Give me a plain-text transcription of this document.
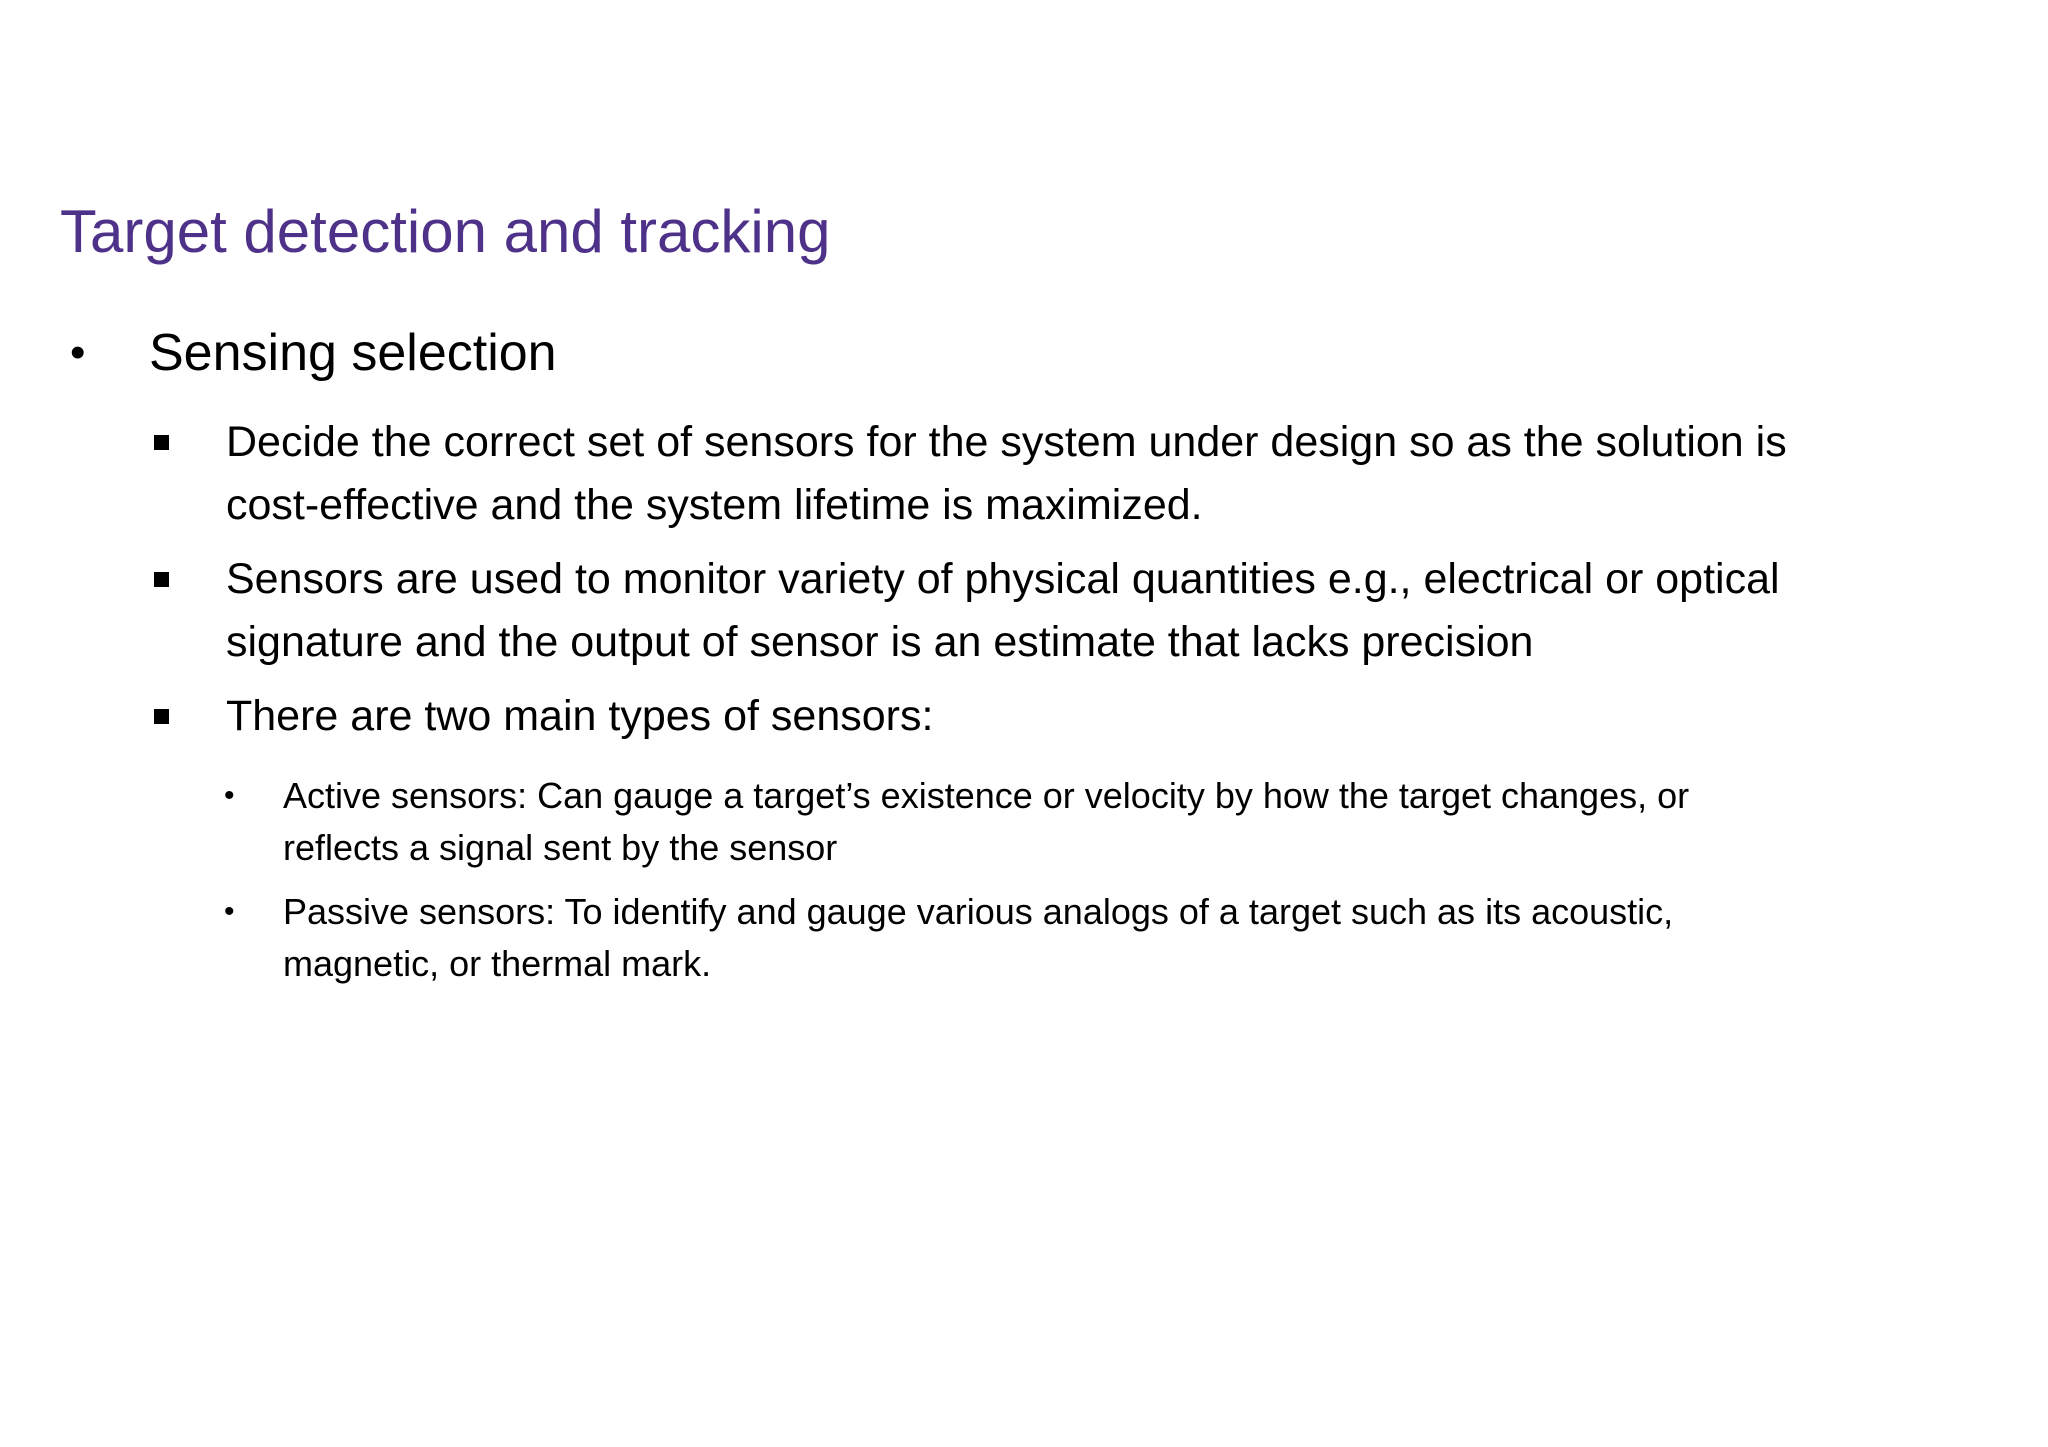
Target detection and tracking
• Sensing selection
Decide the correct set of sensors for the system under design so as the solution is
cost-effective and the system lifetime is maximized.
Sensors are used to monitor variety of physical quantities e.g., electrical or optical
signature and the output of sensor is an estimate that lacks precision
There are two main types of sensors:
• Active sensors: Can gauge a target’s existence or velocity by how the target changes, or
reflects a signal sent by the sensor
• Passive sensors: To identify and gauge various analogs of a target such as its acoustic,
magnetic, or thermal mark.
